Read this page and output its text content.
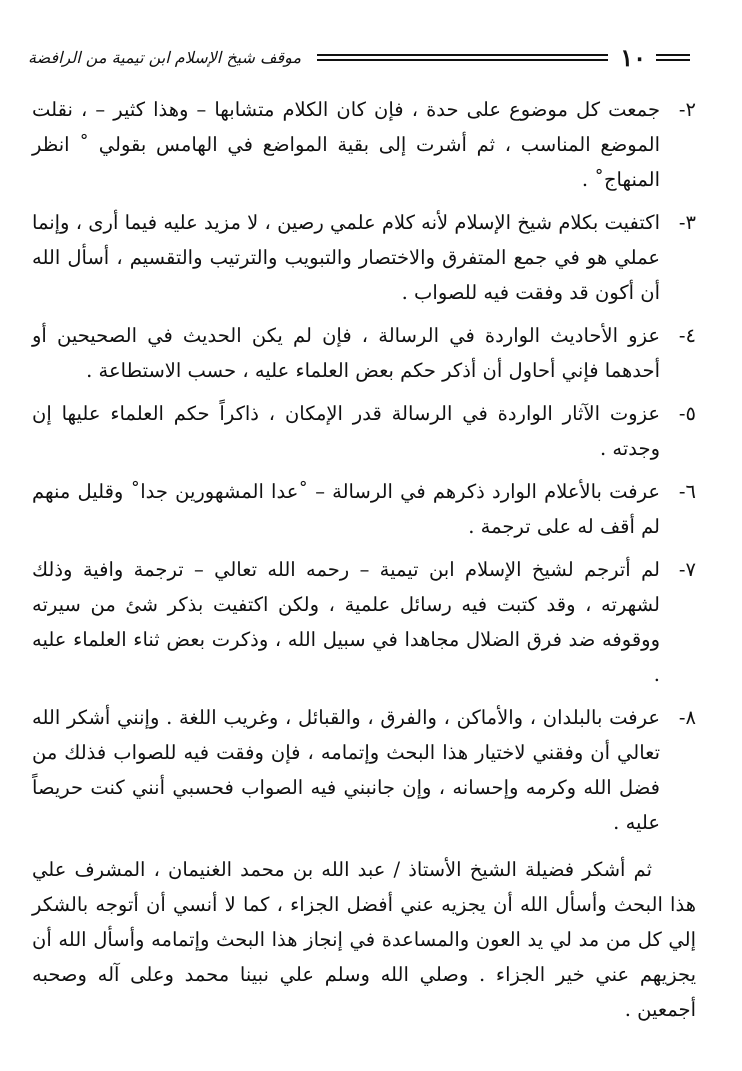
موقف شيخ الإسلام ابن تيمية من الرافضة	١٠
٢-
جمعت كل موضوع على حدة ، فإن كان الكلام متشابها – وهذا كثير – ، نقلت الموضع المناسب ، ثم أشرت إلى بقية المواضع في الهامس بقولي ˚ انظر المنهاج˚ .
٣-
اكتفيت بكلام شيخ الإسلام لأنه كلام علمي رصين ، لا مزيد عليه فيما أرى ، وإنما عملي هو في جمع المتفرق والاختصار والتبويب والترتيب والتقسيم ، أسأل الله أن أكون قد وفقت فيه للصواب .
٤-
عزو الأحاديث الواردة في الرسالة ، فإن لم يكن الحديث في الصحيحين أو أحدهما فإني أحاول أن أذكر حكم بعض العلماء عليه ، حسب الاستطاعة .
٥-
عزوت الآثار الواردة في الرسالة قدر الإمكان ، ذاكراً حكم العلماء عليها إن وجدته .
٦-
عرفت بالأعلام الوارد ذكرهم في الرسالة – ˚عدا المشهورين جدا˚ وقليل منهم لم أقف له على ترجمة .
٧-
لم أترجم لشيخ الإسلام ابن تيمية – رحمه الله تعالي – ترجمة وافية وذلك لشهرته ، وقد كتبت فيه رسائل علمية ، ولكن اكتفيت بذكر شئ من سيرته ووقوفه ضد فرق الضلال مجاهدا في سبيل الله ، وذكرت بعض ثناء العلماء عليه .
٨-
عرفت بالبلدان ، والأماكن ، والفرق ، والقبائل ، وغريب اللغة . وإنني أشكر الله تعالي أن وفقني لاختيار هذا البحث وإتمامه ، فإن وفقت فيه للصواب فذلك من فضل الله وكرمه وإحسانه ، وإن جانبني فيه الصواب فحسبي أنني كنت حريصاً عليه .

ثم أشكر فضيلة الشيخ الأستاذ / عبد الله بن محمد الغنيمان ، المشرف علي هذا البحث وأسأل الله أن يجزيه عني أفضل الجزاء ، كما لا أنسي أن أتوجه بالشكر إلي كل من مد لي يد العون والمساعدة في إنجاز هذا البحث وإتمامه وأسأل الله أن يجزيهم عني خير الجزاء . وصلي الله وسلم علي نبينا محمد وعلى آله وصحبه أجمعين .
